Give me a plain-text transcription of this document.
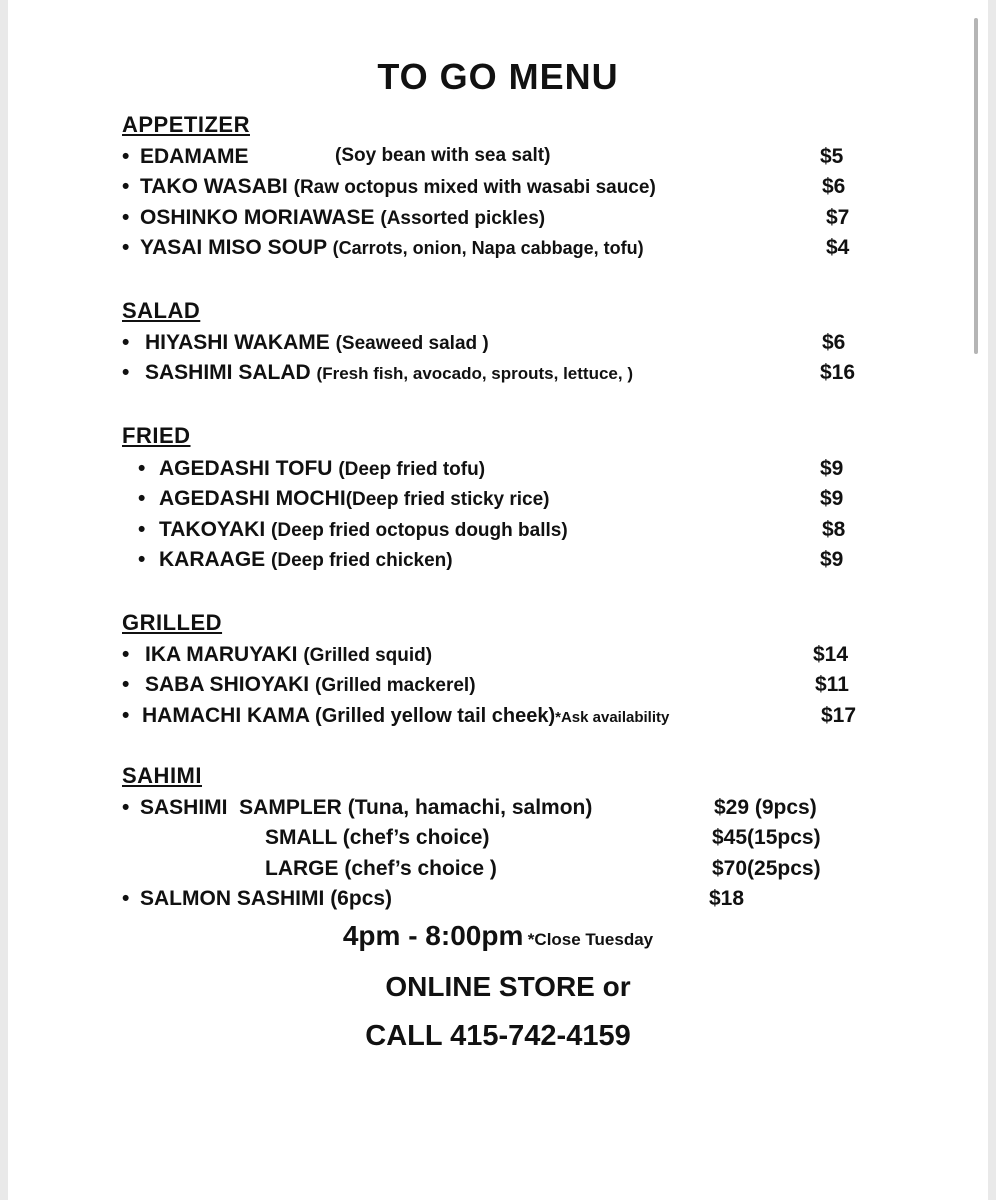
TO GO MENU
APPETIZER
• EDAMAME	(Soy bean with sea salt)	$5
• TAKO WASABI (Raw octopus mixed with wasabi sauce)	$6
• OSHINKO MORIAWASE (Assorted pickles)	$7
• YASAI MISO SOUP (Carrots, onion, Napa cabbage, tofu)	$4
SALAD
• HIYASHI WAKAME (Seaweed salad )	$6
• SASHIMI SALAD (Fresh fish, avocado, sprouts, lettuce, )	$16
FRIED
• AGEDASHI TOFU (Deep fried tofu)	$9
• AGEDASHI MOCHI(Deep fried sticky rice)	$9
• TAKOYAKI (Deep fried octopus dough balls)	$8
• KARAAGE (Deep fried chicken)	$9
GRILLED
• IKA MARUYAKI (Grilled squid)	$14
• SABA SHIOYAKI (Grilled mackerel)	$11
• HAMACHI KAMA (Grilled yellow tail cheek)*Ask availability	$17
SAHIMI
• SASHIMI  SAMPLER (Tuna, hamachi, salmon)	$29 (9pcs)
SMALL (chef’s choice)	$45(15pcs)
LARGE (chef’s choice )	$70(25pcs)
• SALMON SASHIMI (6pcs)	$18
4pm - 8:00pm *Close Tuesday
ONLINE STORE or
CALL 415-742-4159
